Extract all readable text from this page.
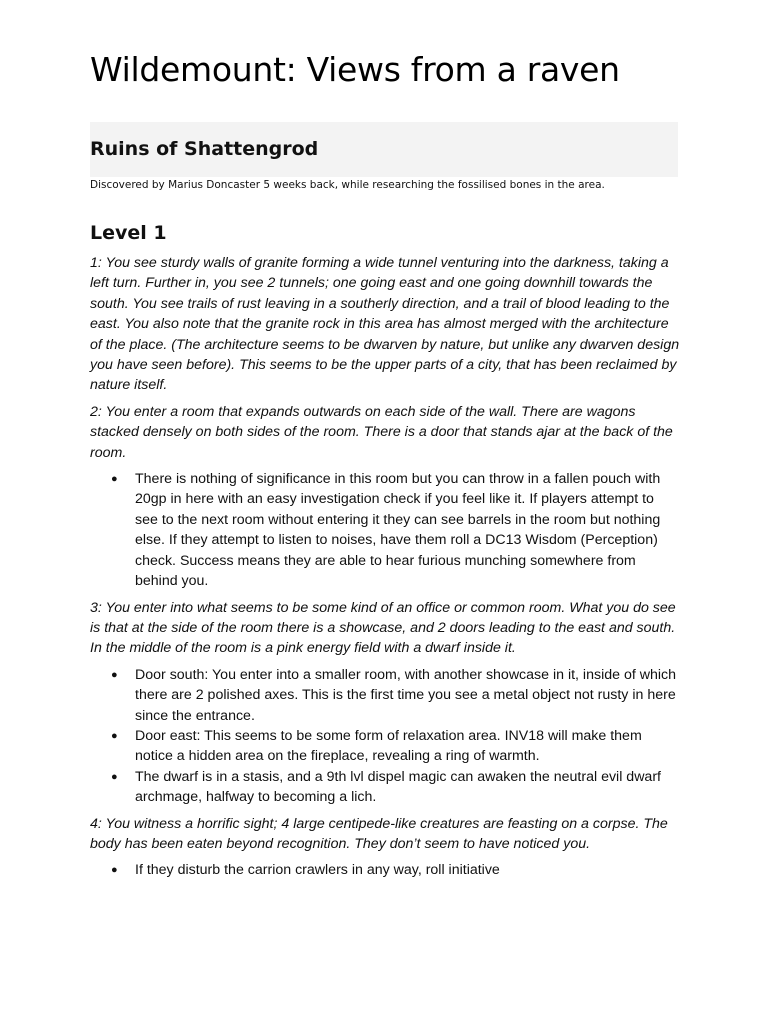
Wildemount: Views from a raven
Ruins of Shattengrod

Discovered by Marius Doncaster 5 weeks back, while researching the fossilised bones in the area.

Level 1

1: You see sturdy walls of granite forming a wide tunnel venturing into the darkness, taking a left turn. Further in, you see 2 tunnels; one going east and one going downhill towards the south. You see trails of rust leaving in a southerly direction, and a trail of blood leading to the east. You also note that the granite rock in this area has almost merged with the architecture of the place. (The architecture seems to be dwarven by nature, but unlike any dwarven design you have seen before). This seems to be the upper parts of a city, that has been reclaimed by nature itself.

2: You enter a room that expands outwards on each side of the wall. There are wagons stacked densely on both sides of the room. There is a door that stands ajar at the back of the room.

● There is nothing of significance in this room but you can throw in a fallen pouch with 20gp in here with an easy investigation check if you feel like it. If players attempt to see to the next room without entering it they can see barrels in the room but nothing else. If they attempt to listen to noises, have them roll a DC13 Wisdom (Perception) check. Success means they are able to hear furious munching somewhere from behind you.

3: You enter into what seems to be some kind of an office or common room. What you do see is that at the side of the room there is a showcase, and 2 doors leading to the east and south. In the middle of the room is a pink energy field with a dwarf inside it.

● Door south: You enter into a smaller room, with another showcase in it, inside of which there are 2 polished axes. This is the first time you see a metal object not rusty in here since the entrance.
● Door east: This seems to be some form of relaxation area. INV18 will make them notice a hidden area on the fireplace, revealing a ring of warmth.
● The dwarf is in a stasis, and a 9th lvl dispel magic can awaken the neutral evil dwarf archmage, halfway to becoming a lich.

4: You witness a horrific sight; 4 large centipede-like creatures are feasting on a corpse. The body has been eaten beyond recognition. They don’t seem to have noticed you.

● If they disturb the carrion crawlers in any way, roll initiative
